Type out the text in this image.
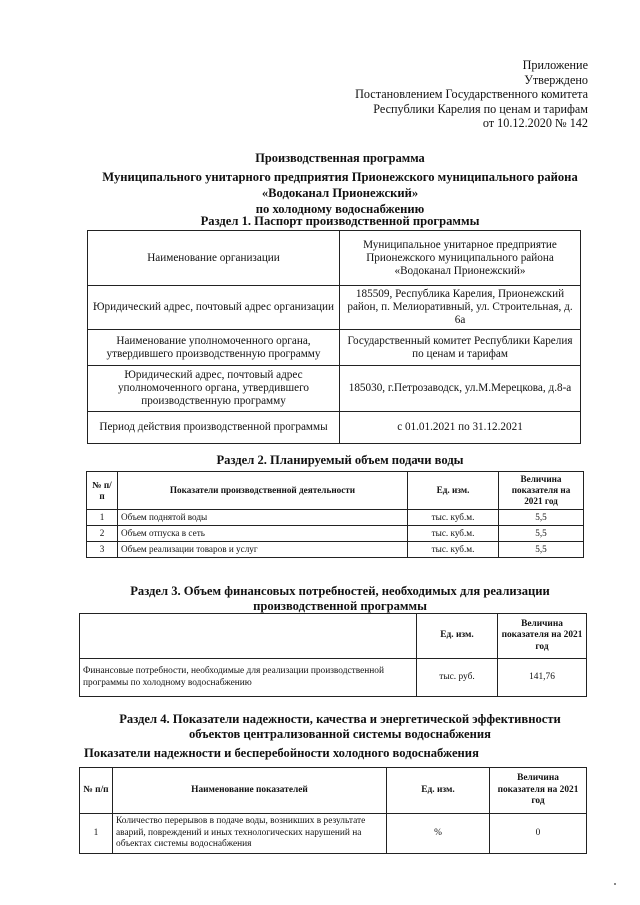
Приложение
Утверждено
Постановлением Государственного комитета
Республики Карелия по ценам и тарифам
от 10.12.2020 № 142
Производственная программа
Муниципального унитарного предприятия Прионежского муниципального района
«Водоканал Прионежский»
по холодному водоснабжению
Раздел 1. Паспорт производственной программы
Наименование организации	Муниципальное унитарное предприятие Прионежского муниципального района «Водоканал Прионежский»
Юридический адрес, почтовый адрес организации	185509, Республика Карелия, Прионежский район, п. Мелиоративный, ул. Строительная, д. 6а
Наименование уполномоченного органа, утвердившего производственную программу	Государственный комитет Республики Карелия по ценам и тарифам
Юридический адрес, почтовый адрес уполномоченного органа, утвердившего производственную программу	185030, г.Петрозаводск, ул.М.Мерецкова, д.8-а
Период действия производственной программы	с 01.01.2021 по 31.12.2021
Раздел 2. Планируемый объем подачи воды
№ п/п	Показатели производственной деятельности	Ед. изм.	Величина показателя на 2021 год
1	Объем поднятой воды	тыс. куб.м.	5,5
2	Объем отпуска в сеть	тыс. куб.м.	5,5
3	Объем реализации товаров и услуг	тыс. куб.м.	5,5
Раздел 3. Объем финансовых потребностей, необходимых для реализации
производственной программы
	Ед. изм.	Величина показателя на 2021 год
Финансовые потребности, необходимые для реализации производственной программы по холодному водоснабжению	тыс. руб.	141,76
Раздел 4. Показатели надежности, качества и энергетической эффективности
объектов централизованной системы водоснабжения
Показатели надежности и бесперебойности холодного водоснабжения
№ п/п	Наименование показателей	Ед. изм.	Величина показателя на 2021 год
1	Количество перерывов в подаче воды, возникших в результате аварий, повреждений и иных технологических нарушений на объектах системы водоснабжения	%	0
